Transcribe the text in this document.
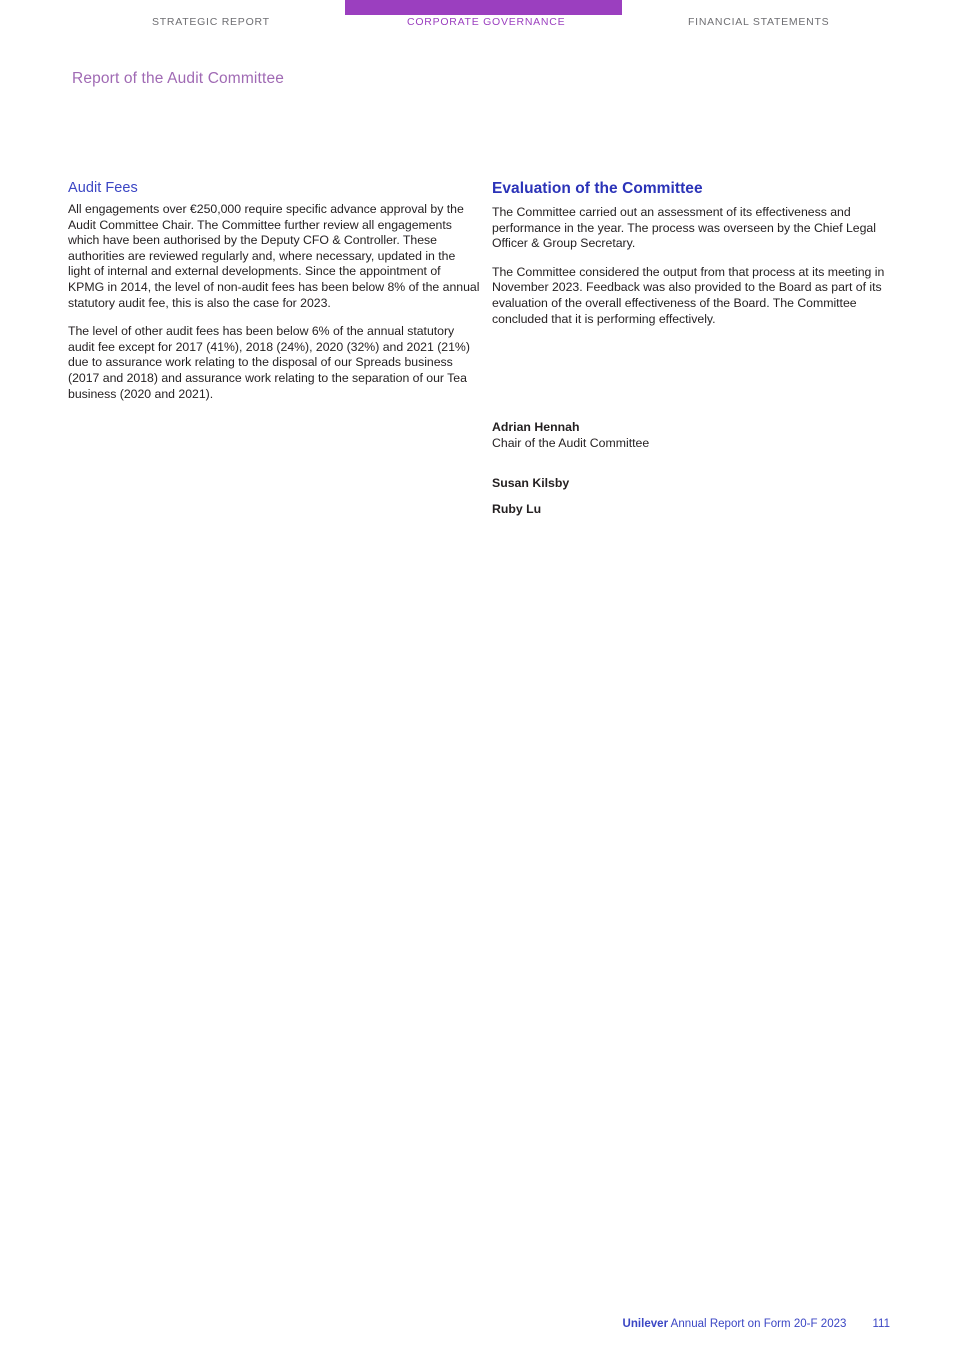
STRATEGIC REPORT	CORPORATE GOVERNANCE	FINANCIAL STATEMENTS
Report of the Audit Committee
Audit Fees

All engagements over €250,000 require specific advance approval by the Audit Committee Chair. The Committee further review all engagements which have been authorised by the Deputy CFO & Controller. These authorities are reviewed regularly and, where necessary, updated in the light of internal and external developments. Since the appointment of KPMG in 2014, the level of non-audit fees has been below 8% of the annual statutory audit fee, this is also the case for 2023.

The level of other audit fees has been below 6% of the annual statutory audit fee except for 2017 (41%), 2018 (24%), 2020 (32%) and 2021 (21%) due to assurance work relating to the disposal of our Spreads business (2017 and 2018) and assurance work relating to the separation of our Tea business (2020 and 2021).

Evaluation of the Committee

The Committee carried out an assessment of its effectiveness and performance in the year. The process was overseen by the Chief Legal Officer & Group Secretary.

The Committee considered the output from that process at its meeting in November 2023. Feedback was also provided to the Board as part of its evaluation of the overall effectiveness of the Board. The Committee concluded that it is performing effectively.

Adrian Hennah

Chair of the Audit Committee

Susan Kilsby

Ruby Lu

Unilever Annual Report on Form 20-F 2023 111
